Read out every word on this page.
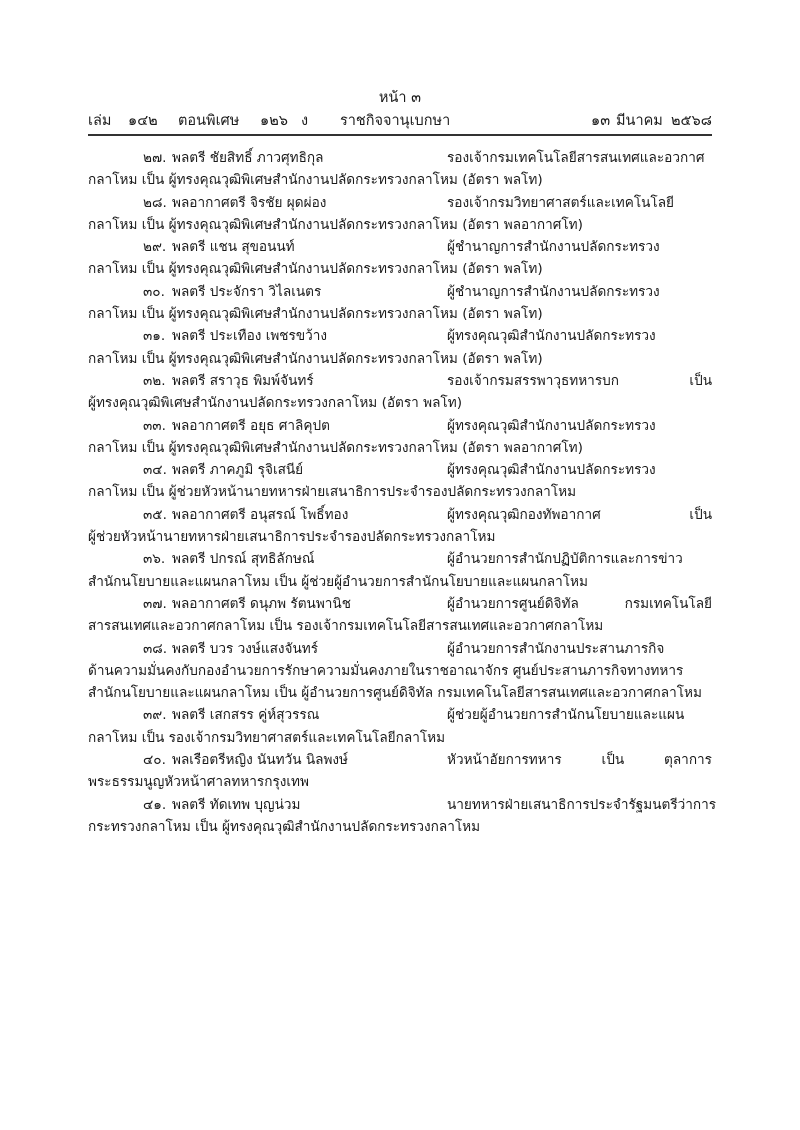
หน้า ๓
เล่ม ๑๔๒ ตอนพิเศษ ๑๒๖ ง ราชกิจจานุเบกษา	๑๓ มีนาคม ๒๕๖๘
๒๗. พลตรี ชัยสิทธิ์ ภาวศุทธิกุล	รองเจ้ากรมเทคโนโลยีสารสนเทศและอวกาศ
กลาโหม เป็น ผู้ทรงคุณวุฒิพิเศษสำนักงานปลัดกระทรวงกลาโหม (อัตรา พลโท)
๒๘. พลอากาศตรี จิรชัย ผุดผ่อง	รองเจ้ากรมวิทยาศาสตร์และเทคโนโลยี
กลาโหม เป็น ผู้ทรงคุณวุฒิพิเศษสำนักงานปลัดกระทรวงกลาโหม (อัตรา พลอากาศโท)
๒๙. พลตรี แชน สุขอนนท์	ผู้ชำนาญการสำนักงานปลัดกระทรวง
กลาโหม เป็น ผู้ทรงคุณวุฒิพิเศษสำนักงานปลัดกระทรวงกลาโหม (อัตรา พลโท)
๓๐. พลตรี ประจักรา วิไลเนตร	ผู้ชำนาญการสำนักงานปลัดกระทรวง
กลาโหม เป็น ผู้ทรงคุณวุฒิพิเศษสำนักงานปลัดกระทรวงกลาโหม (อัตรา พลโท)
๓๑. พลตรี ประเทือง เพชรขว้าง	ผู้ทรงคุณวุฒิสำนักงานปลัดกระทรวง
กลาโหม เป็น ผู้ทรงคุณวุฒิพิเศษสำนักงานปลัดกระทรวงกลาโหม (อัตรา พลโท)
๓๒. พลตรี สราวุธ พิมพ์จันทร์	รองเจ้ากรมสรรพาวุธทหารบก เป็น
ผู้ทรงคุณวุฒิพิเศษสำนักงานปลัดกระทรวงกลาโหม (อัตรา พลโท)
๓๓. พลอากาศตรี อยุธ ศาลิคุปต	ผู้ทรงคุณวุฒิสำนักงานปลัดกระทรวง
กลาโหม เป็น ผู้ทรงคุณวุฒิพิเศษสำนักงานปลัดกระทรวงกลาโหม (อัตรา พลอากาศโท)
๓๔. พลตรี ภาคภูมิ รุจิเสนีย์	ผู้ทรงคุณวุฒิสำนักงานปลัดกระทรวง
กลาโหม เป็น ผู้ช่วยหัวหน้านายทหารฝ่ายเสนาธิการประจำรองปลัดกระทรวงกลาโหม
๓๕. พลอากาศตรี อนุสรณ์ โพธิ์ทอง	ผู้ทรงคุณวุฒิกองทัพอากาศ เป็น
ผู้ช่วยหัวหน้านายทหารฝ่ายเสนาธิการประจำรองปลัดกระทรวงกลาโหม
๓๖. พลตรี ปกรณ์ สุทธิลักษณ์	ผู้อำนวยการสำนักปฏิบัติการและการข่าว
สำนักนโยบายและแผนกลาโหม เป็น ผู้ช่วยผู้อำนวยการสำนักนโยบายและแผนกลาโหม
๓๗. พลอากาศตรี ดนุภพ รัตนพานิช	ผู้อำนวยการศูนย์ดิจิทัล กรมเทคโนโลยี
สารสนเทศและอวกาศกลาโหม เป็น รองเจ้ากรมเทคโนโลยีสารสนเทศและอวกาศกลาโหม
๓๘. พลตรี บวร วงษ์แสงจันทร์	ผู้อำนวยการสำนักงานประสานภารกิจ
ด้านความมั่นคงกับกองอำนวยการรักษาความมั่นคงภายในราชอาณาจักร ศูนย์ประสานภารกิจทางทหาร
สำนักนโยบายและแผนกลาโหม เป็น ผู้อำนวยการศูนย์ดิจิทัล กรมเทคโนโลยีสารสนเทศและอวกาศกลาโหม
๓๙. พลตรี เสกสรร คู่ห์สุวรรณ	ผู้ช่วยผู้อำนวยการสำนักนโยบายและแผน
กลาโหม เป็น รองเจ้ากรมวิทยาศาสตร์และเทคโนโลยีกลาโหม
๔๐. พลเรือตรีหญิง นันทวัน นิลพงษ์	หัวหน้าอัยการทหาร เป็น ตุลาการ
พระธรรมนูญหัวหน้าศาลทหารกรุงเทพ
๔๑. พลตรี ทัดเทพ บุญน่วม	นายทหารฝ่ายเสนาธิการประจำรัฐมนตรีว่าการ
กระทรวงกลาโหม เป็น ผู้ทรงคุณวุฒิสำนักงานปลัดกระทรวงกลาโหม
